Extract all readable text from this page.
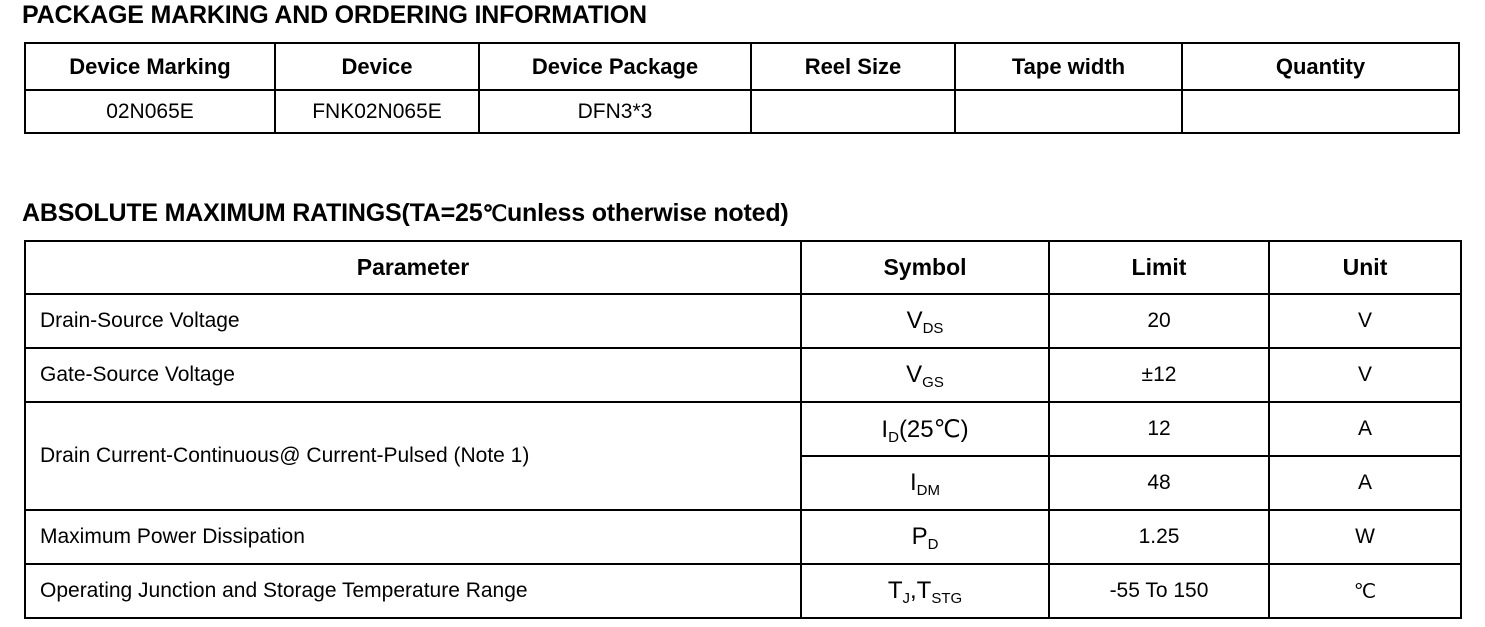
PACKAGE MARKING AND ORDERING INFORMATION
Device Marking	Device	Device Package	Reel Size	Tape width	Quantity
02N065E	FNK02N065E	DFN3*3			
ABSOLUTE MAXIMUM RATINGS(TA=25℃unless otherwise noted)
Parameter	Symbol	Limit	Unit
Drain-Source Voltage	$V_{DS}$	20	V
Gate-Source Voltage	$V_{GS}$	±12	V
Drain Current-Continuous@ Current-Pulsed (Note 1)	$I_D(25℃)$	12	A
	$I_{DM}$	48	A
Maximum Power Dissipation	$P_D$	1.25	W
Operating Junction and Storage Temperature Range	$T_J,T_{STG}$	-55 To 150	℃
